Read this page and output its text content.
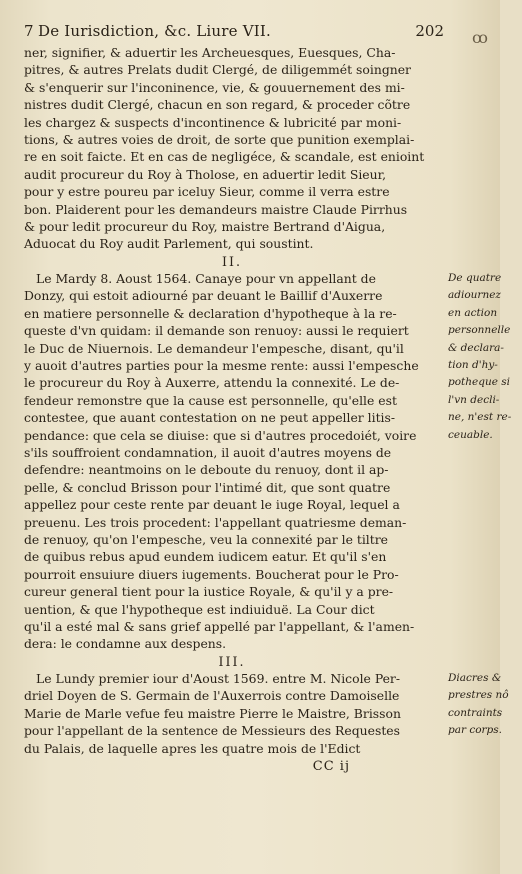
ꝏ
7 De Iurisdiction, &c. Liure VII.	202
ner, signifier, & aduertir les Archeuesques, Euesques, Cha-
pitres, & autres Prelats dudit Clergé, de diligemmét soingner
& s'enquerir sur l'inconinence, vie, & gouuernement des mi-
nistres dudit Clergé, chacun en son regard, & proceder cõtre
les chargez & suspects d'incontinence & lubricité par moni-
tions, & autres voies de droit, de sorte que punition exemplai-
re en soit faicte. Et en cas de negligéce, & scandale, est enioint
audit procureur du Roy à Tholose, en aduertir ledit Sieur,
pour y estre poureu par iceluy Sieur, comme il verra estre
bon. Plaiderent pour les demandeurs maistre Claude Pirrhus
& pour ledit procureur du Roy, maistre Bertrand d'Aigua,
Aduocat du Roy audit Parlement, qui soustint.
II.
De quatre
adiournez
en action
personnelle
& declara-
tion d'hy-
potheque si
l'vn decli-
ne, n'est re-
ceuable.
Le Mardy 8. Aoust 1564. Canaye pour vn appellant de
Donzy, qui estoit adiourné par deuant le Baillif d'Auxerre
en matiere personnelle & declaration d'hypotheque à la re-
queste d'vn quidam: il demande son renuoy: aussi le requiert
le Duc de Niuernois. Le demandeur l'empesche, disant, qu'il
y auoit d'autres parties pour la mesme rente: aussi l'empesche
le procureur du Roy à Auxerre, attendu la connexité. Le de-
fendeur remonstre que la cause est personnelle, qu'elle est
contestee, que auant contestation on ne peut appeller litis-
pendance: que cela se diuise: que si d'autres procedoiét, voire
s'ils souffroient condamnation, il auoit d'autres moyens de
defendre: neantmoins on le deboute du renuoy, dont il ap-
pelle, & conclud Brisson pour l'intimé dit, que sont quatre
appellez pour ceste rente par deuant le iuge Royal, lequel a
preuenu. Les trois procedent: l'appellant quatriesme deman-
de renuoy, qu'on l'empesche, veu la connexité par le tiltre
de quibus rebus apud eundem iudicem eatur. Et qu'il s'en
pourroit ensuiure diuers iugements. Boucherat pour le Pro-
cureur general tient pour la iustice Royale, & qu'il y a pre-
uention, & que l'hypotheque est indiuiduë. La Cour dict
qu'il a esté mal & sans grief appellé par l'appellant, & l'amen-
dera: le condamne aux despens.
III.
Diacres &
prestres nô
contraints
par corps.
Le Lundy premier iour d'Aoust 1569. entre M. Nicole Per-
driel Doyen de S. Germain de l'Auxerrois contre Damoiselle
Marie de Marle vefue feu maistre Pierre le Maistre, Brisson
pour l'appellant de la sentence de Messieurs des Requestes
du Palais, de laquelle apres les quatre mois de l'Edict
CC ij
